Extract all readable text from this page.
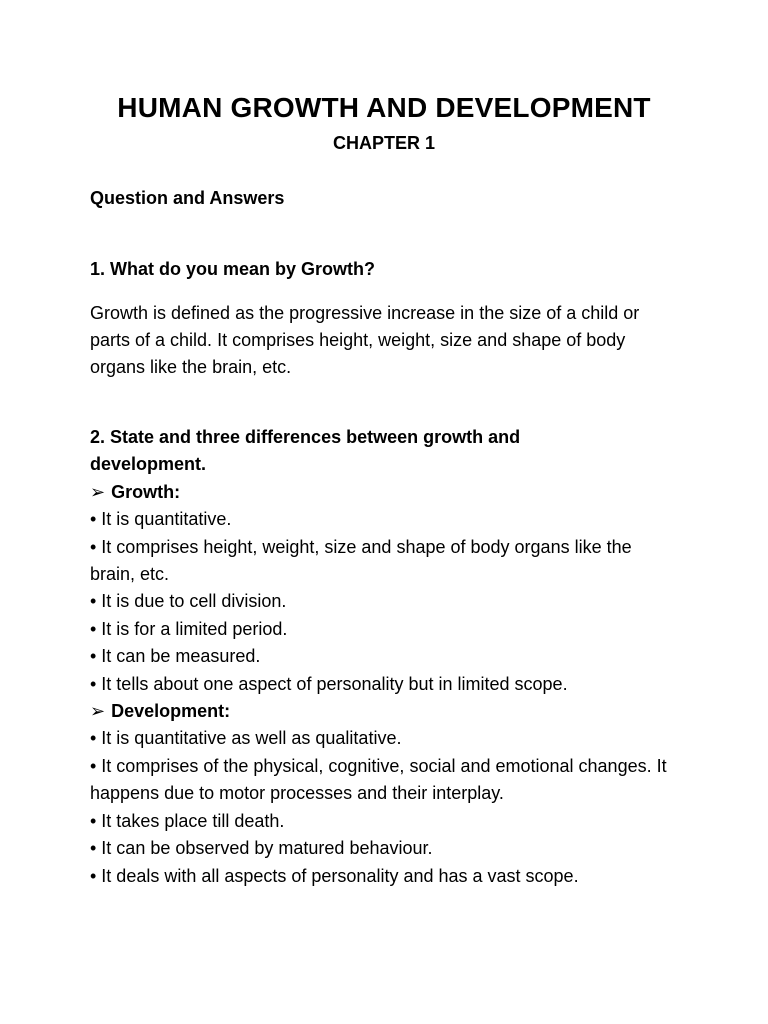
HUMAN GROWTH AND DEVELOPMENT
CHAPTER 1
Question and Answers
1. What do you mean by Growth?
Growth is defined as the progressive increase in the size of a child or parts of a child. It comprises height, weight, size and shape of body organs like the brain, etc.
2. State and three differences between growth and development.
➢ Growth:
• It is quantitative.
• It comprises height, weight, size and shape of body organs like the brain, etc.
• It is due to cell division.
• It is for a limited period.
• It can be measured.
• It tells about one aspect of personality but in limited scope.
➢ Development:
• It is quantitative as well as qualitative.
• It comprises of the physical, cognitive, social and emotional changes. It happens due to motor processes and their interplay.
• It takes place till death.
• It can be observed by matured behaviour.
• It deals with all aspects of personality and has a vast scope.
